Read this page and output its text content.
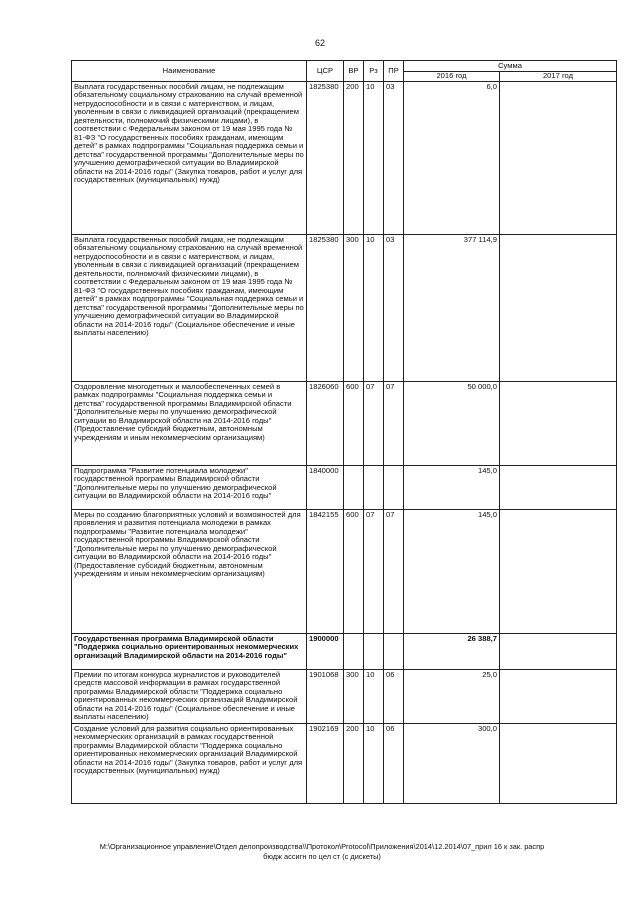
62
Наименование	ЦСР	ВР	Рз	ПР	Сумма	
					2016 год	2017 год
Выплата государственных пособий лицам, не подлежащим обязательному социальному страхованию на случай временной нетрудоспособности и в связи с материнством, и лицам, уволенным в связи с ликвидацией организаций (прекращением деятельности, полномочий физическими лицами), в соответствии с Федеральным законом от 19 мая 1995 года № 81-ФЗ "О государственных пособиях гражданам, имеющим детей" в рамках подпрограммы "Социальная поддержка семьи и детства" государственной программы "Дополнительные меры по улучшению демографической ситуации во Владимирской области на 2014-2016 годы" (Закупка товаров, работ и услуг для государственных (муниципальных) нужд)	1825380	200	10	03	6,0	
Выплата государственных пособий лицам, не подлежащим обязательному социальному страхованию на случай временной нетрудоспособности и в связи с материнством, и лицам, уволенным в связи с ликвидацией организаций (прекращением деятельности, полномочий физическими лицами), в соответствии с Федеральным законом от 19 мая 1995 года № 81-ФЗ "О государственных пособиях гражданам, имеющим детей" в рамках подпрограммы "Социальная поддержка семьи и детства" государственной программы "Дополнительные меры по улучшению демографической ситуации во Владимирской области на 2014-2016 годы" (Социальное обеспечение и иные выплаты населению)	1825380	300	10	03	377 114,9	
Оздоровление многодетных и малообеспеченных семей в рамках подпрограммы "Социальная поддержка семьи и детства" государственной программы Владимирской области "Дополнительные меры по улучшению демографической ситуации во Владимирской области на 2014-2016 годы" (Предоставление субсидий бюджетным, автономным учреждениям и иным некоммерческим организациям)	1826060	600	07	07	50 000,0	
Подпрограмма "Развитие потенциала молодежи" государственной программы Владимирской области "Дополнительные меры по улучшению демографической ситуации во Владимирской области на 2014-2016 годы"	1840000				145,0	
Меры по созданию благоприятных условий и возможностей для проявления и развития потенциала молодежи в рамках подпрограммы "Развитие потенциала молодежи" государственной программы Владимирской области "Дополнительные меры по улучшению демографической ситуации во Владимирской области на 2014-2016 годы" (Предоставление субсидий бюджетным, автономным учреждениям и иным некоммерческим организациям)	1842155	600	07	07	145,0	
Государственная программа Владимирской области "Поддержка социально ориентированных некоммерческих организаций Владимирской области на 2014-2016 годы"	1900000				26 388,7	
Премии по итогам конкурса журналистов и руководителей средств массовой информации в рамках государственной программы Владимирской области "Поддержка социально ориентированных некоммерческих организаций Владимирской области на 2014-2016 годы" (Социальное обеспечение и иные выплаты населению)	1901068	300	10	06	25,0	
Создание условий для развития социально ориентированных некоммерческих организаций в рамках государственной программы Владимирской области "Поддержка социально ориентированных некоммерческих организаций Владимирской области на 2014-2016 годы" (Закупка товаров, работ и услуг для государственных (муниципальных) нужд)	1902169	200	10	06	300,0	
M:\Организационное управление\Отдел делопроизводства\\Протокол\Protocol\Приложения\2014\12.2014\07_прил 16 к зак. распр
бюдж ассигн по цел ст (с дискеты)
